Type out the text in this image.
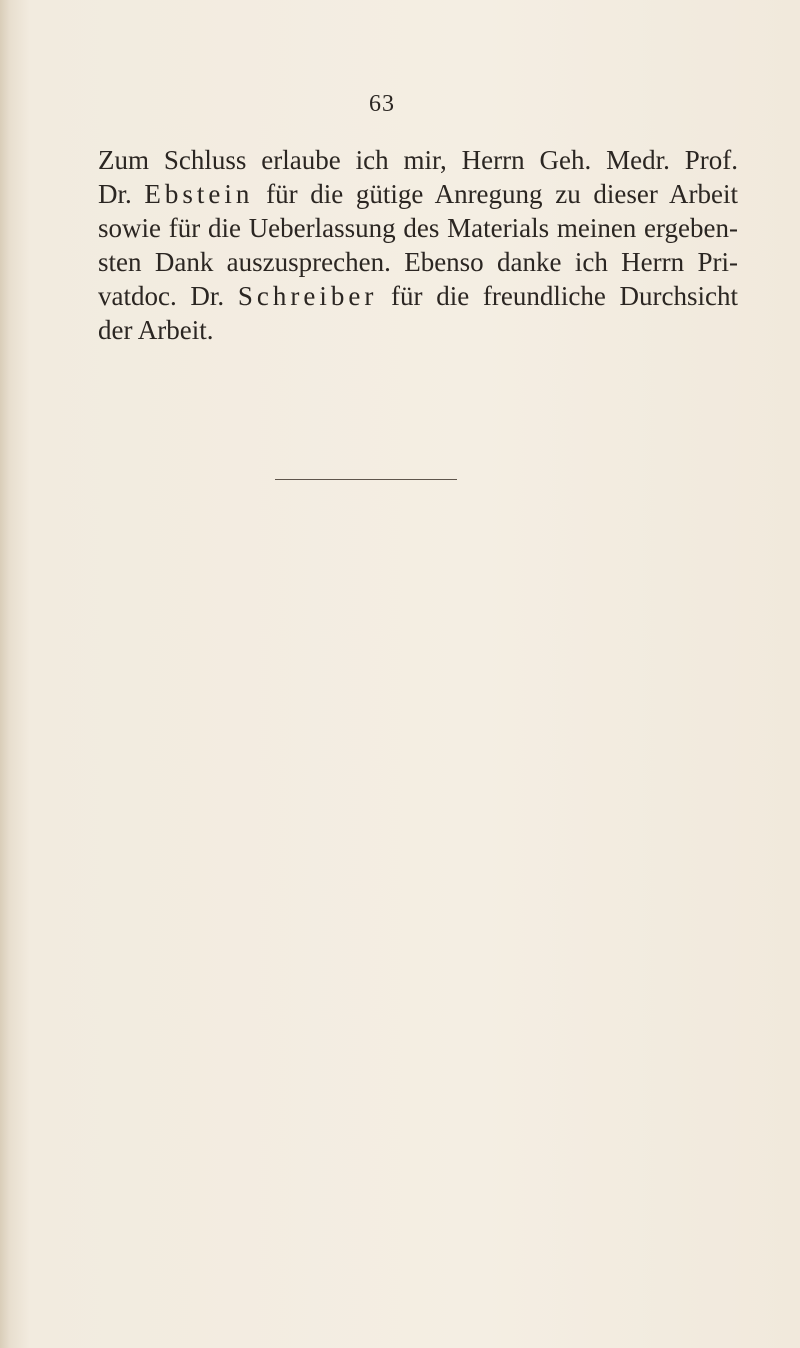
63
Zum Schluss erlaube ich mir, Herrn Geh. Medr. Prof.
Dr. Ebstein für die gütige Anregung zu dieser Arbeit
sowie für die Ueberlassung des Materials meinen ergeben-
sten Dank auszusprechen. Ebenso danke ich Herrn Pri-
vatdoc. Dr. Schreiber für die freundliche Durchsicht
der Arbeit.
